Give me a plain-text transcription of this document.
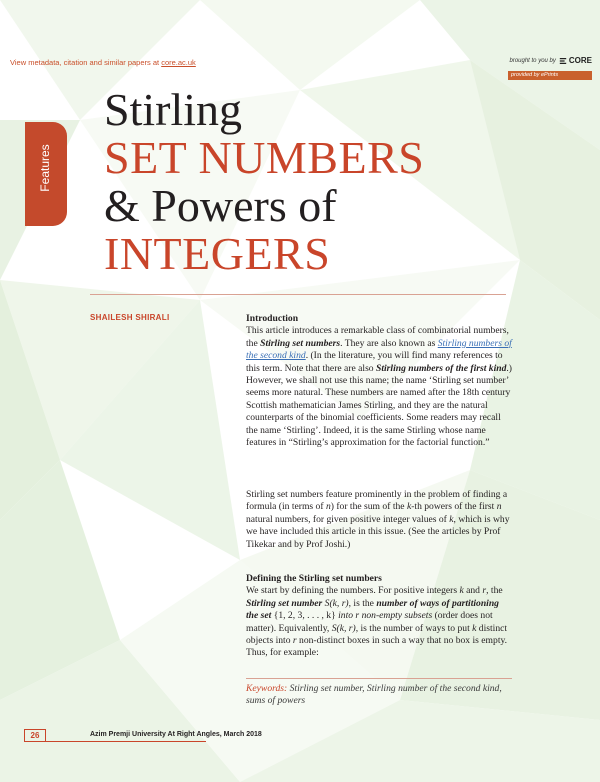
View metadata, citation and similar papers at core.ac.uk	brought to you by CORE
provided by ePrints
Features
Stirling
SET NUMBERS
& Powers of
INTEGERS
SHAILESH SHIRALI	Introduction

This article introduces a remarkable class of combinatorial numbers, the Stirling set numbers. They are also known as Stirling numbers of the second kind. (In the literature, you will find many references to this term. Note that there are also Stirling numbers of the first kind.) However, we shall not use this name; the name ‘Stirling set number’ seems more natural. These numbers are named after the 18th century Scottish mathematician James Stirling, and they are the natural counterparts of the binomial coefficients. Some readers may recall the name ‘Stirling’. Indeed, it is the same Stirling whose name features in “Stirling’s approximation for the factorial function.”

Stirling set numbers feature prominently in the problem of finding a formula (in terms of n) for the sum of the k-th powers of the first n natural numbers, for given positive integer values of k, which is why we have included this article in this issue. (See the articles by Prof Tikekar and by Prof Joshi.)

Defining the Stirling set numbers

We start by defining the numbers. For positive integers k and r, the Stirling set number S(k, r), is the number of ways of partitioning the set {1, 2, 3, . . . , k} into r non-empty subsets (order does not matter). Equivalently, S(k, r), is the number of ways to put k distinct objects into r non-distinct boxes in such a way that no box is empty. Thus, for example:

Keywords: Stirling set number, Stirling number of the second kind, sums of powers
26	Azim Premji University At Right Angles, March 2018
